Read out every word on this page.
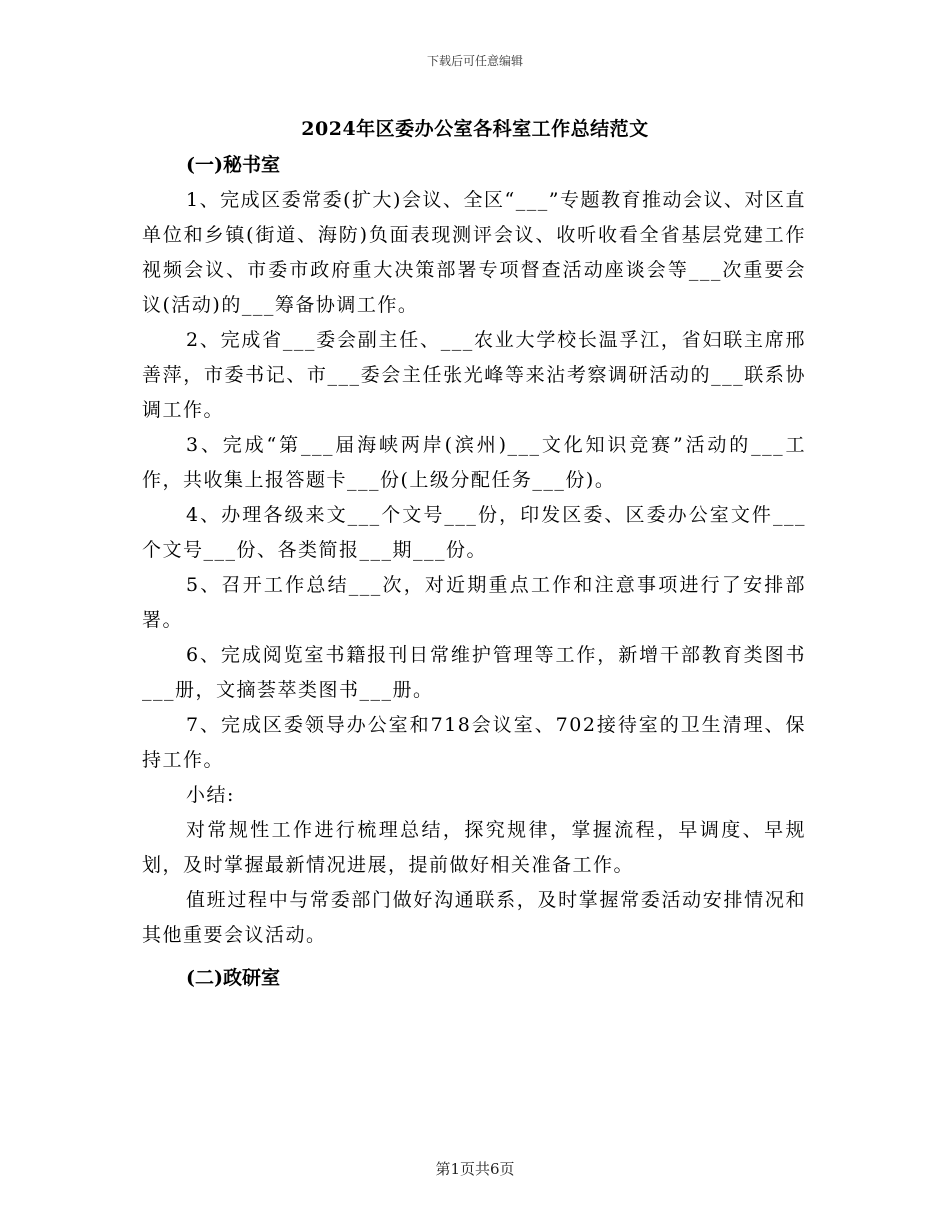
下载后可任意编辑
2024年区委办公室各科室工作总结范文

(一)秘书室

1、完成区委常委(扩大)会议、全区“___”专题教育推动会议、对区直单位和乡镇(街道、海防)负面表现测评会议、收听收看全省基层党建工作视频会议、市委市政府重大决策部署专项督查活动座谈会等___次重要会议(活动)的___筹备协调工作。

2、完成省___委会副主任、___农业大学校长温孚江，省妇联主席邢善萍，市委书记、市___委会主任张光峰等来沾考察调研活动的___联系协调工作。

3、完成“第___届海峡两岸(滨州)___文化知识竞赛”活动的___工作，共收集上报答题卡___份(上级分配任务___份)。

4、办理各级来文___个文号___份，印发区委、区委办公室文件___个文号___份、各类简报___期___份。

5、召开工作总结___次，对近期重点工作和注意事项进行了安排部署。

6、完成阅览室书籍报刊日常维护管理等工作，新增干部教育类图书___册，文摘荟萃类图书___册。

7、完成区委领导办公室和718会议室、702接待室的卫生清理、保持工作。

小结:

对常规性工作进行梳理总结，探究规律，掌握流程，早调度、早规划，及时掌握最新情况进展，提前做好相关准备工作。

值班过程中与常委部门做好沟通联系，及时掌握常委活动安排情况和其他重要会议活动。

(二)政研室

第1页共6页
